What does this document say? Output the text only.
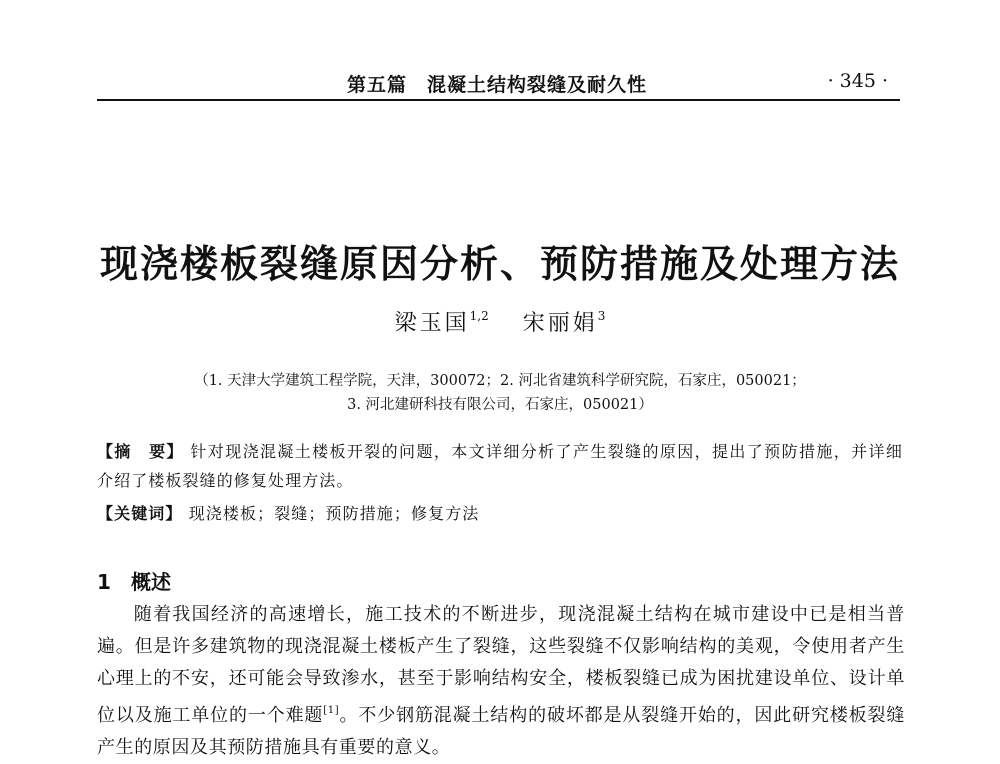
第五篇　混凝土结构裂缝及耐久性	· 345 ·
现浇楼板裂缝原因分析、预防措施及处理方法
梁玉国$^{1,2}$ 宋丽娟$^3$
（1. 天津大学建筑工程学院，天津，300072；2. 河北省建筑科学研究院，石家庄，050021；
3. 河北建研科技有限公司，石家庄，050021）
【摘　要】 针对现浇混凝土楼板开裂的问题，本文详细分析了产生裂缝的原因，提出了预防措施，并详细介绍了楼板裂缝的修复处理方法。
【关键词】 现浇楼板；裂缝；预防措施；修复方法
1 概述
随着我国经济的高速增长，施工技术的不断进步，现浇混凝土结构在城市建设中已是相当普遍。但是许多建筑物的现浇混凝土楼板产生了裂缝，这些裂缝不仅影响结构的美观，令使用者产生心理上的不安，还可能会导致渗水，甚至于影响结构安全，楼板裂缝已成为困扰建设单位、设计单位以及施工单位的一个难题[1]。不少钢筋混凝土结构的破坏都是从裂缝开始的，因此研究楼板裂缝产生的原因及其预防措施具有重要的意义。
